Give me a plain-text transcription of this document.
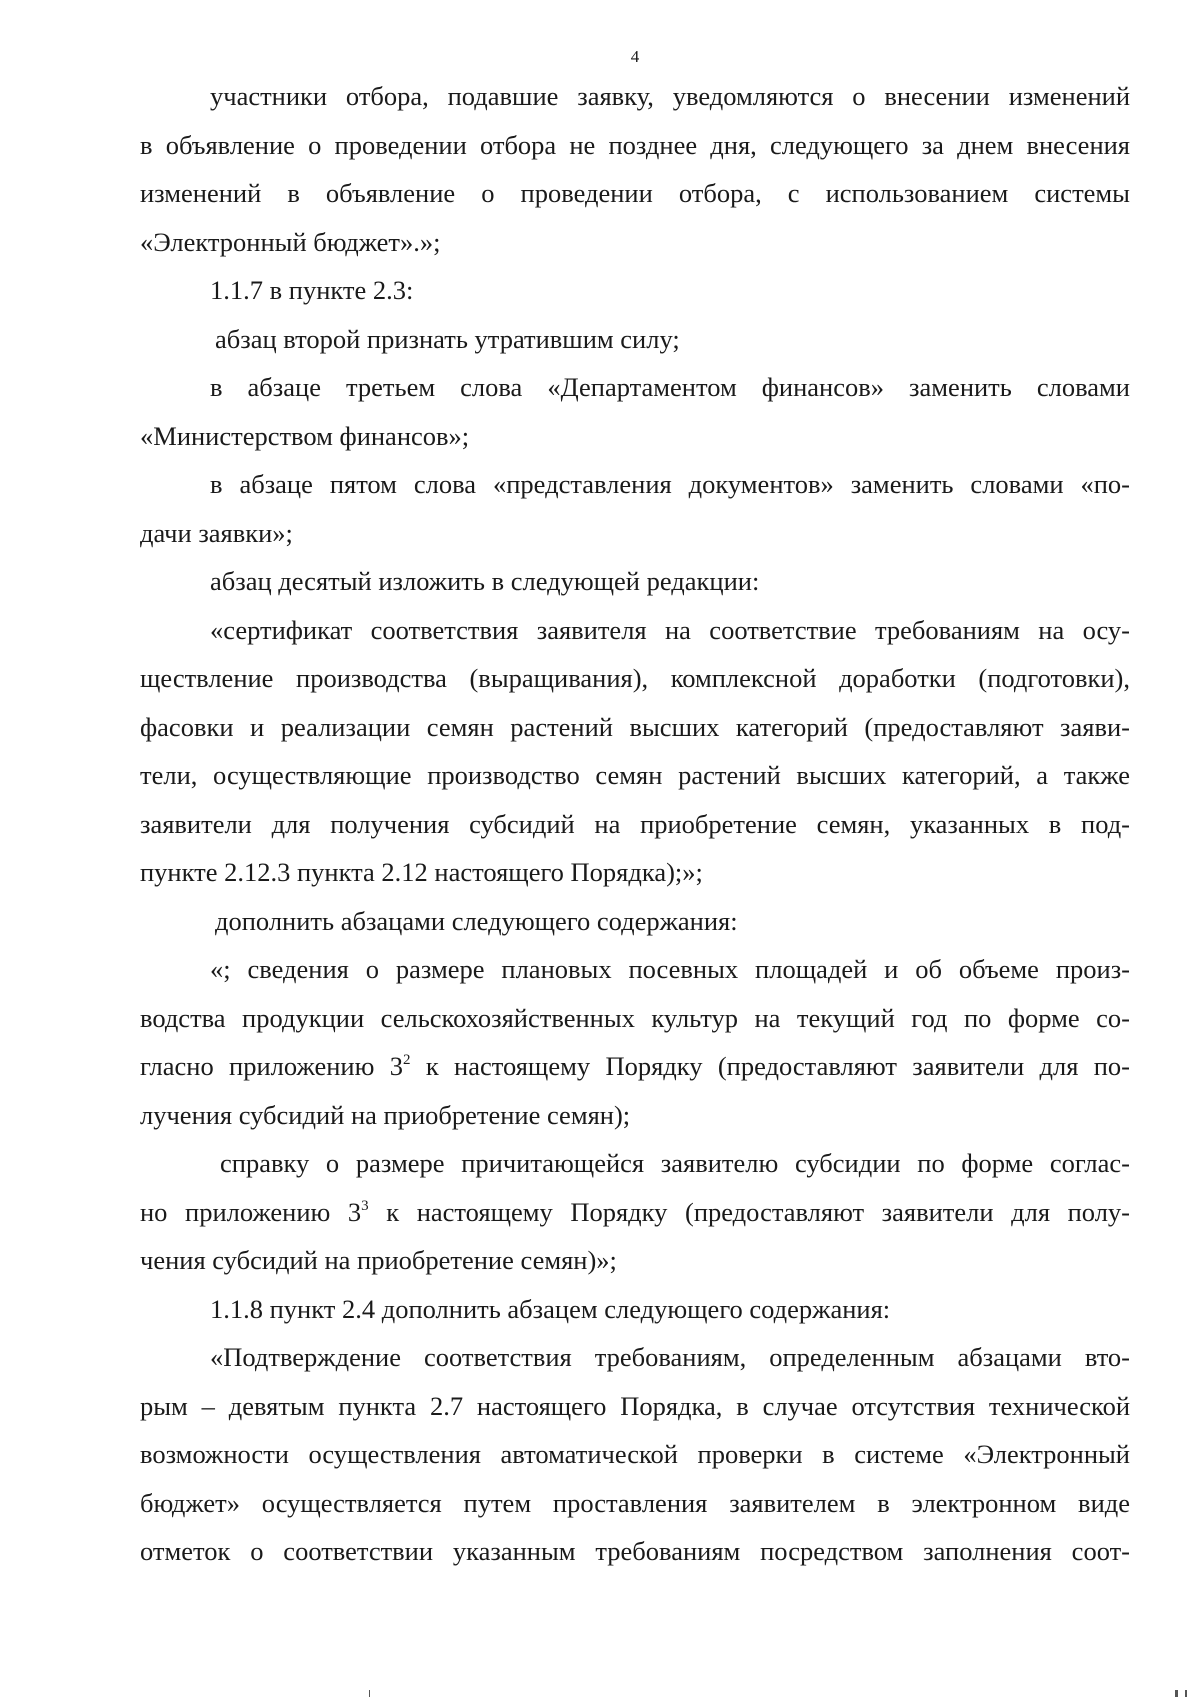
4
участники отбора, подавшие заявку, уведомляются о внесении изменений
в объявление о проведении отбора не позднее дня, следующего за днем внесения
изменений в объявление о проведении отбора, с использованием системы
«Электронный бюджет».»;
1.1.7 в пункте 2.3:
абзац второй признать утратившим силу;
в абзаце третьем слова «Департаментом финансов» заменить словами
«Министерством финансов»;
в абзаце пятом слова «представления документов» заменить словами «по-
дачи заявки»;
абзац десятый изложить в следующей редакции:
«сертификат соответствия заявителя на соответствие требованиям на осу-
ществление производства (выращивания), комплексной доработки (подготовки),
фасовки и реализации семян растений высших категорий (предоставляют заяви-
тели, осуществляющие производство семян растений высших категорий, а также
заявители для получения субсидий на приобретение семян, указанных в под-
пункте 2.12.3 пункта 2.12 настоящего Порядка);»;
дополнить абзацами следующего содержания:
«; сведения о размере плановых посевных площадей и об объеме произ-
водства продукции сельскохозяйственных культур на текущий год по форме со-
гласно приложению $3^2$ к настоящему Порядку (предоставляют заявители для по-
лучения субсидий на приобретение семян);
справку о размере причитающейся заявителю субсидии по форме соглас-
но приложению $3^3$ к настоящему Порядку (предоставляют заявители для полу-
чения субсидий на приобретение семян)»;
1.1.8 пункт 2.4 дополнить абзацем следующего содержания:
«Подтверждение соответствия требованиям, определенным абзацами вто-
рым – девятым пункта 2.7 настоящего Порядка, в случае отсутствия технической
возможности осуществления автоматической проверки в системе «Электронный
бюджет» осуществляется путем проставления заявителем в электронном виде
отметок о соответствии указанным требованиям посредством заполнения соот-
